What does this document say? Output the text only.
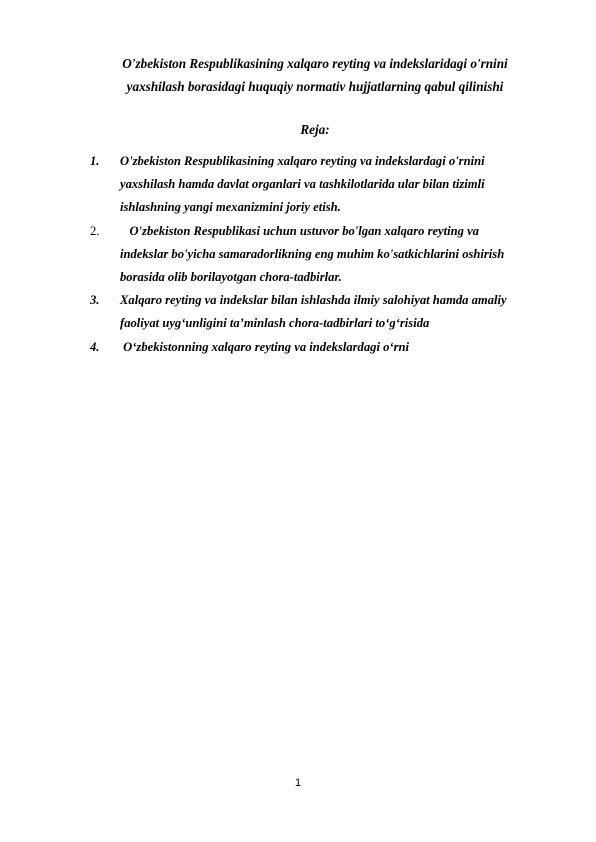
O'zbekiston Respublikasining xalqaro reyting va indekslaridagi o'rnini
yaxshilash borasidagi huquqiy normativ hujjatlarning qabul qilinishi
Reja:
1. O'zbekiston Respublikasining xalqaro reyting va indekslardagi o'rnini
yaxshilash hamda davlat organlari va tashkilotlarida ular bilan tizimli
ishlashning yangi mexanizmini joriy etish.
2. O'zbekiston Respublikasi uchun ustuvor bo'lgan xalqaro reyting va
indekslar bo'yicha samaradorlikning eng muhim ko'satkichlarini oshirish
borasida olib borilayotgan chora-tadbirlar.
3. Xalqaro reyting va indekslar bilan ishlashda ilmiy salohiyat hamda amaliy
faoliyat uyg‘unligini ta’minlash chora-tadbirlari to‘g‘risida
4. O‘zbekistonning xalqaro reyting va indekslardagi o‘rni
1
